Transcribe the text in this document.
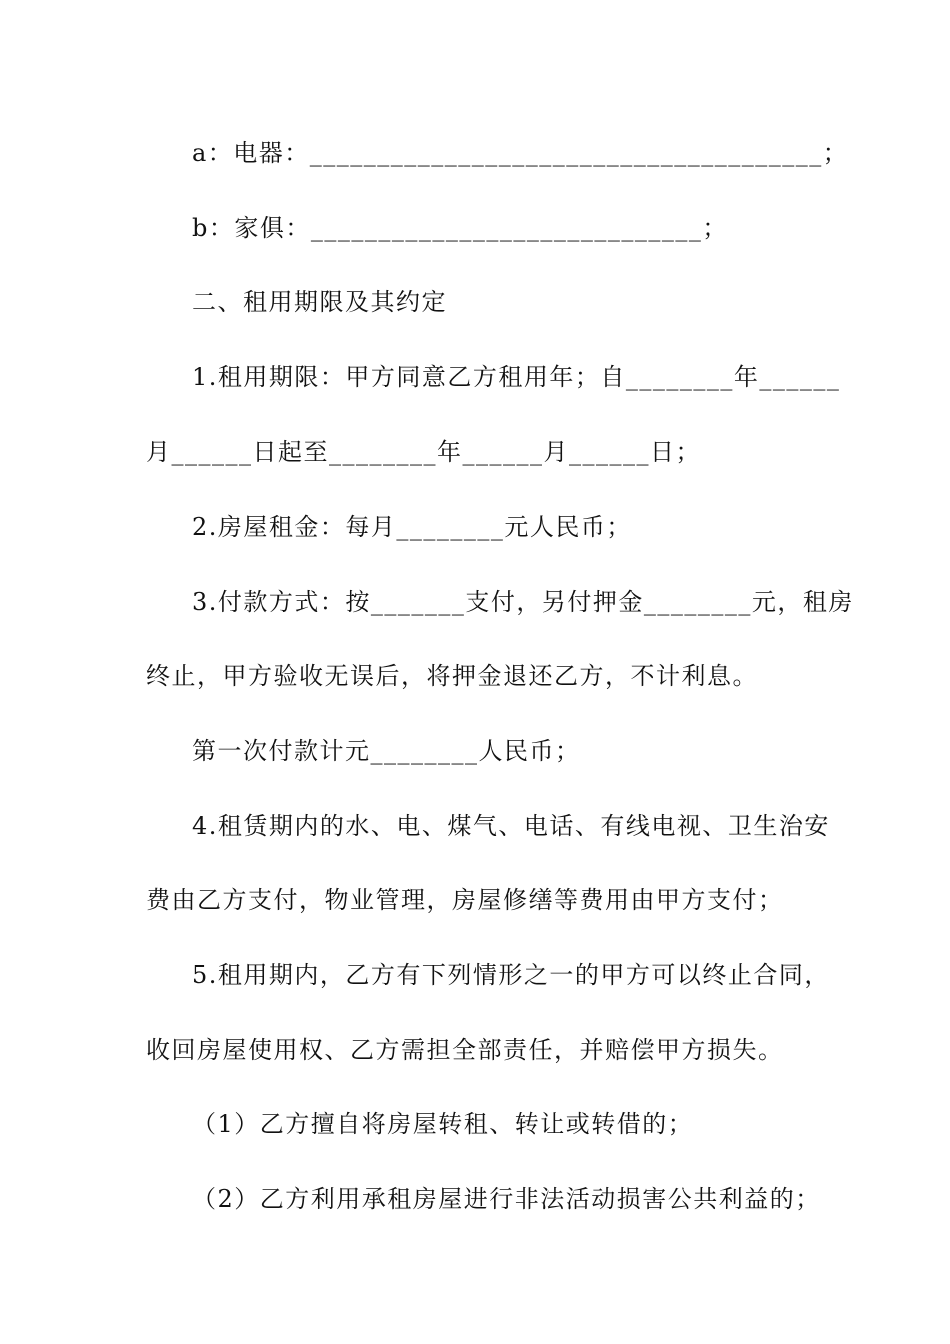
a：电器：______________________________________；
b：家俱：_____________________________；
二、租用期限及其约定
1.租用期限：甲方同意乙方租用年；自________年______
月______日起至________年______月______日；
2.房屋租金：每月________元人民币；
3.付款方式：按_______支付，另付押金________元，租房
终止，甲方验收无误后，将押金退还乙方，不计利息。
第一次付款计元________人民币；
4.租赁期内的水、电、煤气、电话、有线电视、卫生治安
费由乙方支付，物业管理，房屋修缮等费用由甲方支付；
5.租用期内，乙方有下列情形之一的甲方可以终止合同，
收回房屋使用权、乙方需担全部责任，并赔偿甲方损失。
（1）乙方擅自将房屋转租、转让或转借的；
（2）乙方利用承租房屋进行非法活动损害公共利益的；
